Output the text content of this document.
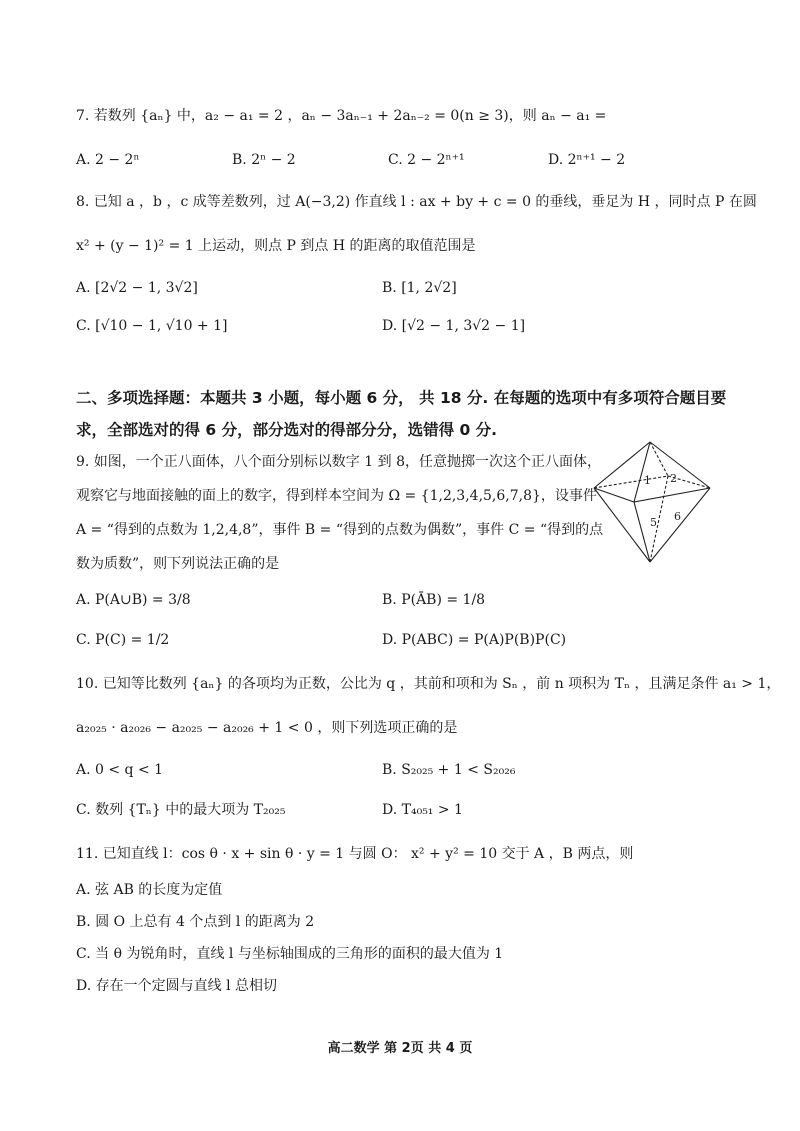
7. 若数列 {aₙ} 中，a₂ − a₁ = 2 ，aₙ − 3aₙ₋₁ + 2aₙ₋₂ = 0(n ≥ 3)，则 aₙ − a₁ =
A. 2 − 2ⁿ	B. 2ⁿ − 2	C. 2 − 2ⁿ⁺¹	D. 2ⁿ⁺¹ − 2
8. 已知 a ，b ，c 成等差数列，过 A(−3,2) 作直线 l : ax + by + c = 0 的垂线，垂足为 H ，同时点 P 在圆
x² + (y − 1)² = 1 上运动，则点 P 到点 H 的距离的取值范围是
A. [2√2 − 1, 3√2]	B. [1, 2√2]
C. [√10 − 1, √10 + 1]	D. [√2 − 1, 3√2 − 1]
二、多项选择题：本题共 3 小题，每小题 6 分， 共 18 分. 在每题的选项中有多项符合题目要
求，全部选对的得 6 分，部分选对的得部分分，选错得 0 分.
9. 如图，一个正八面体，八个面分别标以数字 1 到 8，任意抛掷一次这个正八面体，
观察它与地面接触的面上的数字，得到样本空间为 Ω = {1,2,3,4,5,6,7,8}，设事件
A = “得到的点数为 1,2,4,8”，事件 B = “得到的点数为偶数”，事件 C = “得到的点
数为质数”，则下列说法正确的是
1 2
5 6
A. P(A∪B) = 3/8	B. P(ĀB) = 1/8
C. P(C) = 1/2	D. P(ABC) = P(A)P(B)P(C)
10. 已知等比数列 {aₙ} 的各项均为正数，公比为 q ，其前和项和为 Sₙ ，前 n 项积为 Tₙ ，且满足条件 a₁ > 1，
a₂₀₂₅ · a₂₀₂₆ − a₂₀₂₅ − a₂₀₂₆ + 1 < 0 ，则下列选项正确的是
A. 0 < q < 1	B. S₂₀₂₅ + 1 < S₂₀₂₆
C. 数列 {Tₙ} 中的最大项为 T₂₀₂₅	D. T₄₀₅₁ > 1
11. 已知直线 l：cos θ · x + sin θ · y = 1 与圆 O： x² + y² = 10 交于 A ，B 两点，则
A. 弦 AB 的长度为定值
B. 圆 O 上总有 4 个点到 l 的距离为 2
C. 当 θ 为锐角时，直线 l 与坐标轴围成的三角形的面积的最大值为 1
D. 存在一个定圆与直线 l 总相切
高二数学 第 2页 共 4 页
